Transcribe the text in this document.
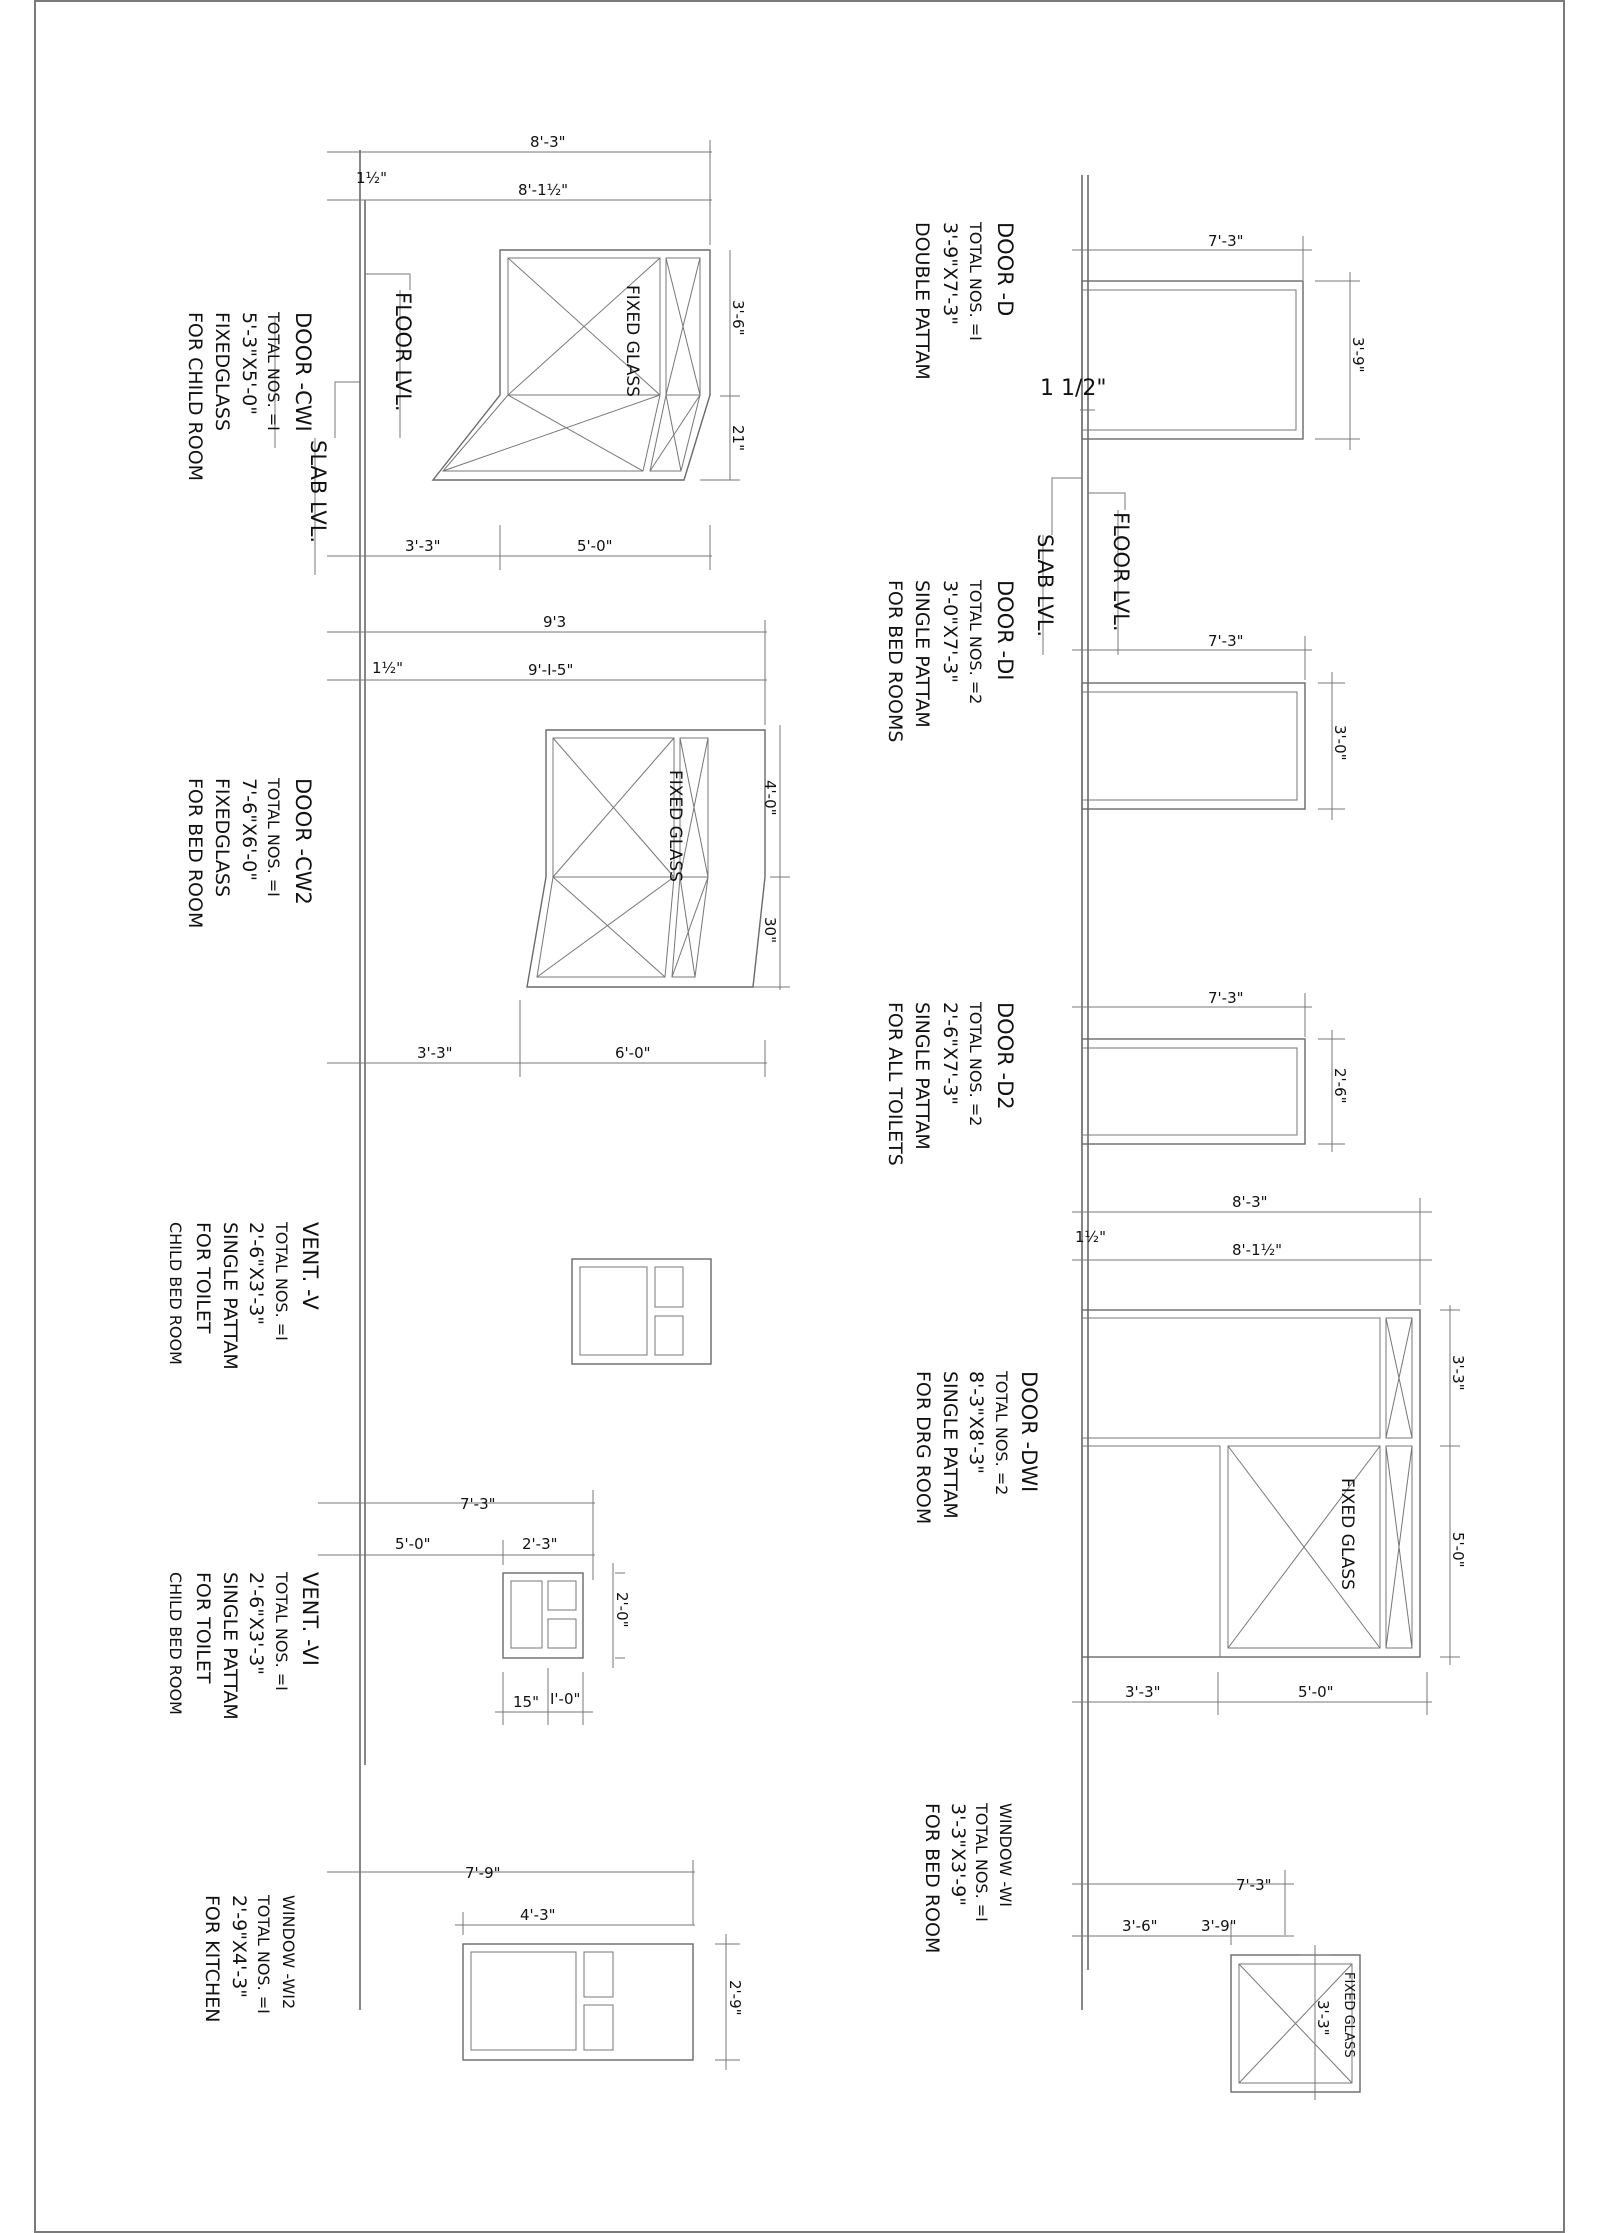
8'-3"
1½"
8'-1½"
3'-3"	5'-0"
3'-6"
21"
FIXED GLASS
FLOOR LVL.
SLAB LVL.
DOOR -CWI
TOTAL NOS. =I
5'-3"X5'-0"
FIXEDGLASS
FOR CHILD ROOM
9'3
1½"	9'-I-5"
3'-3"	6'-0"
4'-0"
30"
FIXED GLASS
DOOR -CW2
TOTAL NOS. =I
7'-6"X6'-0"
FIXEDGLASS
FOR BED ROOM
VENT. -V
TOTAL NOS. =I
2'-6"X3'-3"
SINGLE PATTAM
FOR TOILET
CHILD BED ROOM
7'-3"
5'-0"	2'-3"
2'-0"
15" I'-0"
VENT. -VI
TOTAL NOS. =I
2'-6"X3'-3"
SINGLE PATTAM
FOR TOILET
CHILD BED ROOM
7'-9"
4'-3"
2'-9"
WINDOW -WI2
TOTAL NOS. =I
2'-9"X4'-3"
FOR KITCHEN
7'-3"
3'-9"
1 1/2"
FLOOR LVL.
SLAB LVL.
DOOR -D
TOTAL NOS. =I
3'-9"X7'-3"
DOUBLE PATTAM
7'-3"
3'-0"
DOOR -DI
TOTAL NOS. =2
3'-0"X7'-3"
SINGLE PATTAM
FOR BED ROOMS
7'-3"
2'-6"
DOOR -D2
TOTAL NOS. =2
2'-6"X7'-3"
SINGLE PATTAM
FOR ALL TOILETS
8'-3"
1½"
8'-1½"
3'-3"
5'-0"
3'-3"	5'-0"
FIXED GLASS
DOOR -DWI
TOTAL NOS. =2
8'-3"X8'-3"
SINGLE PATTAM
FOR DRG ROOM
7'-3"
3'-6"	3'-9"
3'-3" FIXED GLASS
WINDOW -WI
TOTAL NOS. =I
3'-3"X3'-9"
FOR BED ROOM
